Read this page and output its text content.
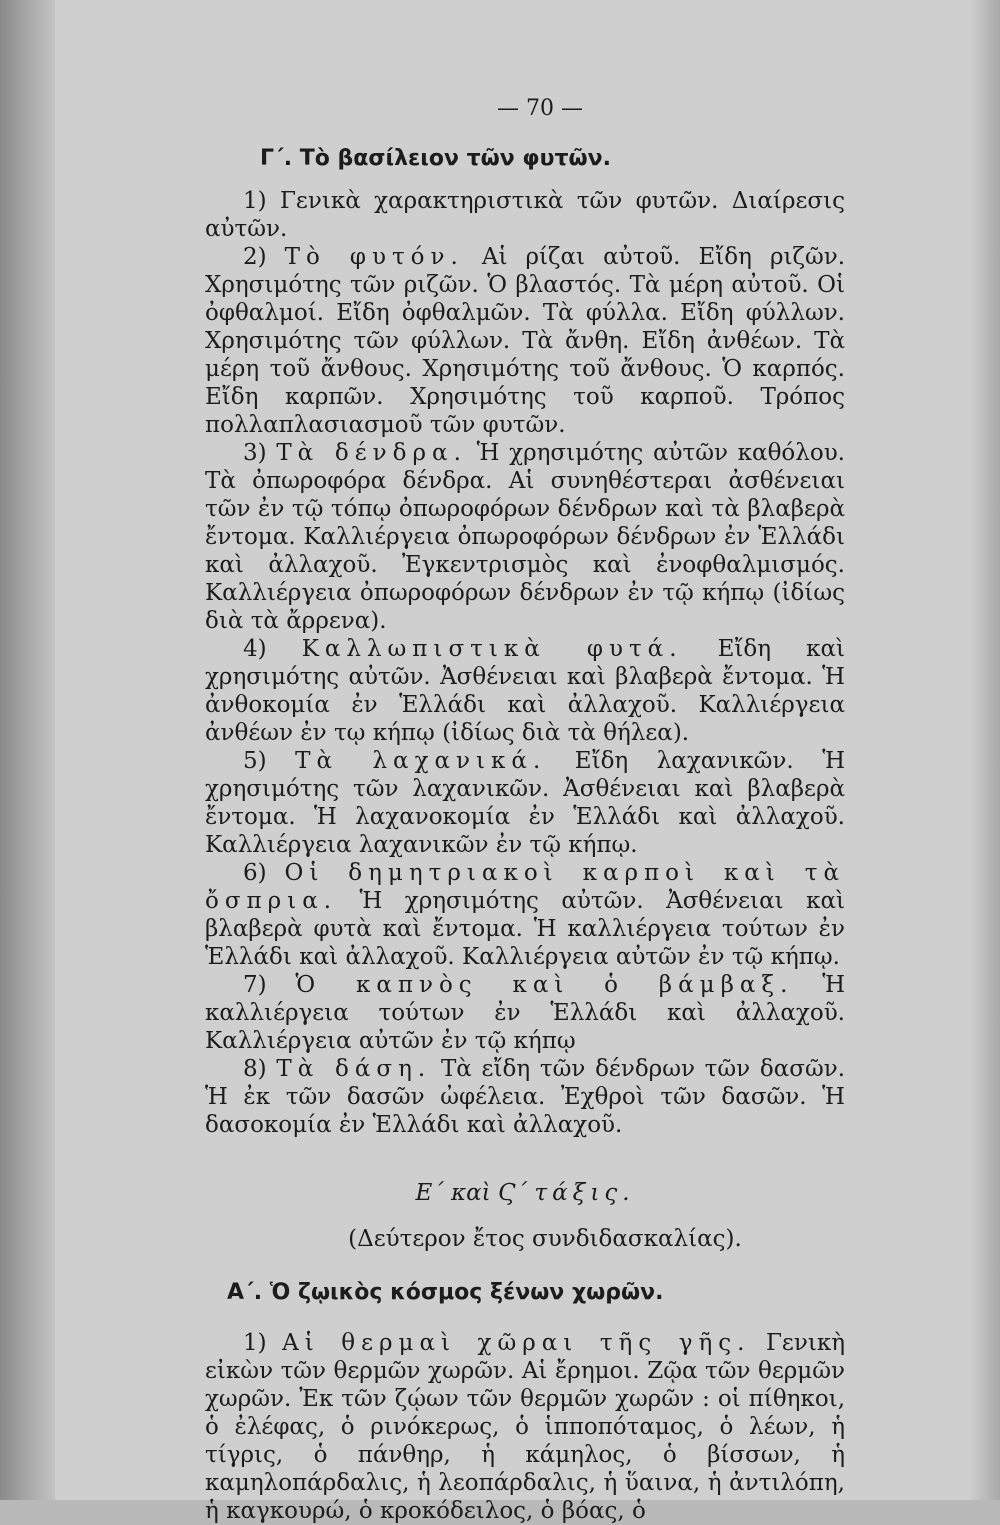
— 70 —
Γ΄. Τὸ βασίλειον τῶν φυτῶν.

1) Γενικὰ χαρακτηριστικὰ τῶν φυτῶν. Διαίρεσις αὐτῶν.

2) Τὸ φυτόν. Αἱ ρίζαι αὐτοῦ. Εἴδη ριζῶν. Χρησιμότης τῶν ριζῶν. Ὁ βλαστός. Τὰ μέρη αὐτοῦ. Οἱ ὀφθαλμοί. Εἴδη ὀφθαλμῶν. Τὰ φύλλα. Εἴδη φύλλων. Χρησιμότης τῶν φύλλων. Τὰ ἄνθη. Εἴδη ἀνθέων. Τὰ μέρη τοῦ ἄνθους. Χρησιμότης τοῦ ἄνθους. Ὁ καρπός. Εἴδη καρπῶν. Χρησιμότης τοῦ καρποῦ. Τρόπος πολλαπλασιασμοῦ τῶν φυτῶν.

3) Τὰ δένδρα. Ἡ χρησιμότης αὐτῶν καθόλου. Τὰ ὀπωροφόρα δένδρα. Αἱ συνηθέστεραι ἀσθένειαι τῶν ἐν τῷ τόπῳ ὀπωροφόρων δένδρων καὶ τὰ βλαβερὰ ἔντομα. Καλλιέργεια ὀπωροφόρων δένδρων ἐν Ἑλλάδι καὶ ἀλλαχοῦ. Ἐγκεντρισμὸς καὶ ἐνοφθαλμισμός. Καλλιέργεια ὀπωροφόρων δένδρων ἐν τῷ κήπῳ (ἰδίως διὰ τὰ ἄρρενα).

4) Καλλωπιστικὰ φυτά. Εἴδη καὶ χρησιμότης αὐτῶν. Ἀσθένειαι καὶ βλαβερὰ ἔντομα. Ἡ ἀνθοκομία ἐν Ἑλλάδι καὶ ἀλλαχοῦ. Καλλιέργεια ἀνθέων ἐν τῳ κήπῳ (ἰδίως διὰ τὰ θήλεα).

5) Τὰ λαχανικά. Εἴδη λαχανικῶν. Ἡ χρησιμότης τῶν λαχανικῶν. Ἀσθένειαι καὶ βλαβερὰ ἔντομα. Ἡ λαχανοκομία ἐν Ἑλλάδι καὶ ἀλλαχοῦ. Καλλιέργεια λαχανικῶν ἐν τῷ κήπῳ.

6) Οἱ δημητριακοὶ καρποὶ καὶ τὰ ὄσπρια. Ἡ χρησιμότης αὐτῶν. Ἀσθένειαι καὶ βλαβερὰ φυτὰ καὶ ἔντομα. Ἡ καλλιέργεια τούτων ἐν Ἑλλάδι καὶ ἀλλαχοῦ. Καλλιέργεια αὐτῶν ἐν τῷ κήπῳ.

7) Ὁ καπνὸς καὶ ὁ βάμβαξ. Ἡ καλλιέργεια τούτων ἐν Ἑλλάδι καὶ ἀλλαχοῦ. Καλλιέργεια αὐτῶν ἐν τῷ κήπῳ

8) Τὰ δάση. Τὰ εἴδη τῶν δένδρων τῶν δασῶν. Ἡ ἐκ τῶν δασῶν ὠφέλεια. Ἐχθροὶ τῶν δασῶν. Ἡ δασοκομία ἐν Ἑλλάδι καὶ ἀλλαχοῦ.

Ε΄ καὶ Ϛ΄ τάξις.
(Δεύτερον ἔτος συνδιδασκαλίας).
Α΄. Ὁ ζῳικὸς κόσμος ξένων χωρῶν.

1) Αἱ θερμαὶ χῶραι τῆς γῆς. Γενικὴ εἰκὼν τῶν θερμῶν χωρῶν. Αἱ ἔρημοι. Ζῷα τῶν θερμῶν χωρῶν. Ἐκ τῶν ζῴων τῶν θερμῶν χωρῶν : οἱ πίθηκοι, ὁ ἐλέφας, ὁ ρινόκερως, ὁ ἱπποπόταμος, ὁ λέων, ἡ τίγρις, ὁ πάνθηρ, ἡ κάμηλος, ὁ βίσσων, ἡ καμηλοπάρδαλις, ἡ λεοπάρδαλις, ἡ ὕαινα, ἡ ἀντιλόπη, ἡ καγκουρώ, ὁ κροκόδειλος, ὁ βόας, ὁ
